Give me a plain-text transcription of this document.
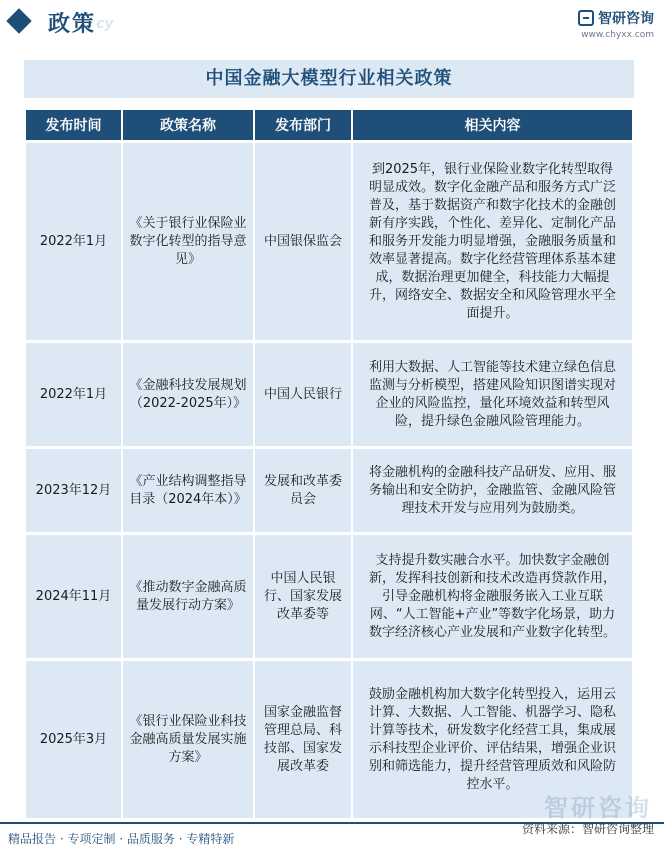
政策 cy	智研咨询
www.chyxx.com
中国金融大模型行业相关政策
发布时间	政策名称	发布部门	相关内容
2022年1月	《关于银行业保险业数字化转型的指导意见》	中国银保监会	到2025年，银行业保险业数字化转型取得明显成效。数字化金融产品和服务方式广泛普及，基于数据资产和数字化技术的金融创新有序实践，个性化、差异化、定制化产品和服务开发能力明显增强，金融服务质量和效率显著提高。数字化经营管理体系基本建成，数据治理更加健全，科技能力大幅提升，网络安全、数据安全和风险管理水平全面提升。
2022年1月	《金融科技发展规划（2022-2025年）》	中国人民银行	利用大数据、人工智能等技术建立绿色信息监测与分析模型，搭建风险知识图谱实现对企业的风险监控，量化环境效益和转型风险，提升绿色金融风险管理能力。
2023年12月	《产业结构调整指导目录（2024年本）》	发展和改革委员会	将金融机构的金融科技产品研发、应用、服务输出和安全防护，金融监管、金融风险管理技术开发与应用列为鼓励类。
2024年11月	《推动数字金融高质量发展行动方案》	中国人民银行、国家发展改革委等	支持提升数实融合水平。加快数字金融创新，发挥科技创新和技术改造再贷款作用，引导金融机构将金融服务嵌入工业互联网、“人工智能+产业”等数字化场景，助力数字经济核心产业发展和产业数字化转型。
2025年3月	《银行业保险业科技金融高质量发展实施方案》	国家金融监督管理总局、科技部、国家发展改革委	鼓励金融机构加大数字化转型投入，运用云计算、大数据、人工智能、机器学习、隐私计算等技术，研发数字化经营工具，集成展示科技型企业评价、评估结果，增强企业识别和筛选能力，提升经营管理质效和风险防控水平。
智研咨询
精品报告 · 专项定制 · 品质服务 · 专精特新
资料来源：智研咨询整理
